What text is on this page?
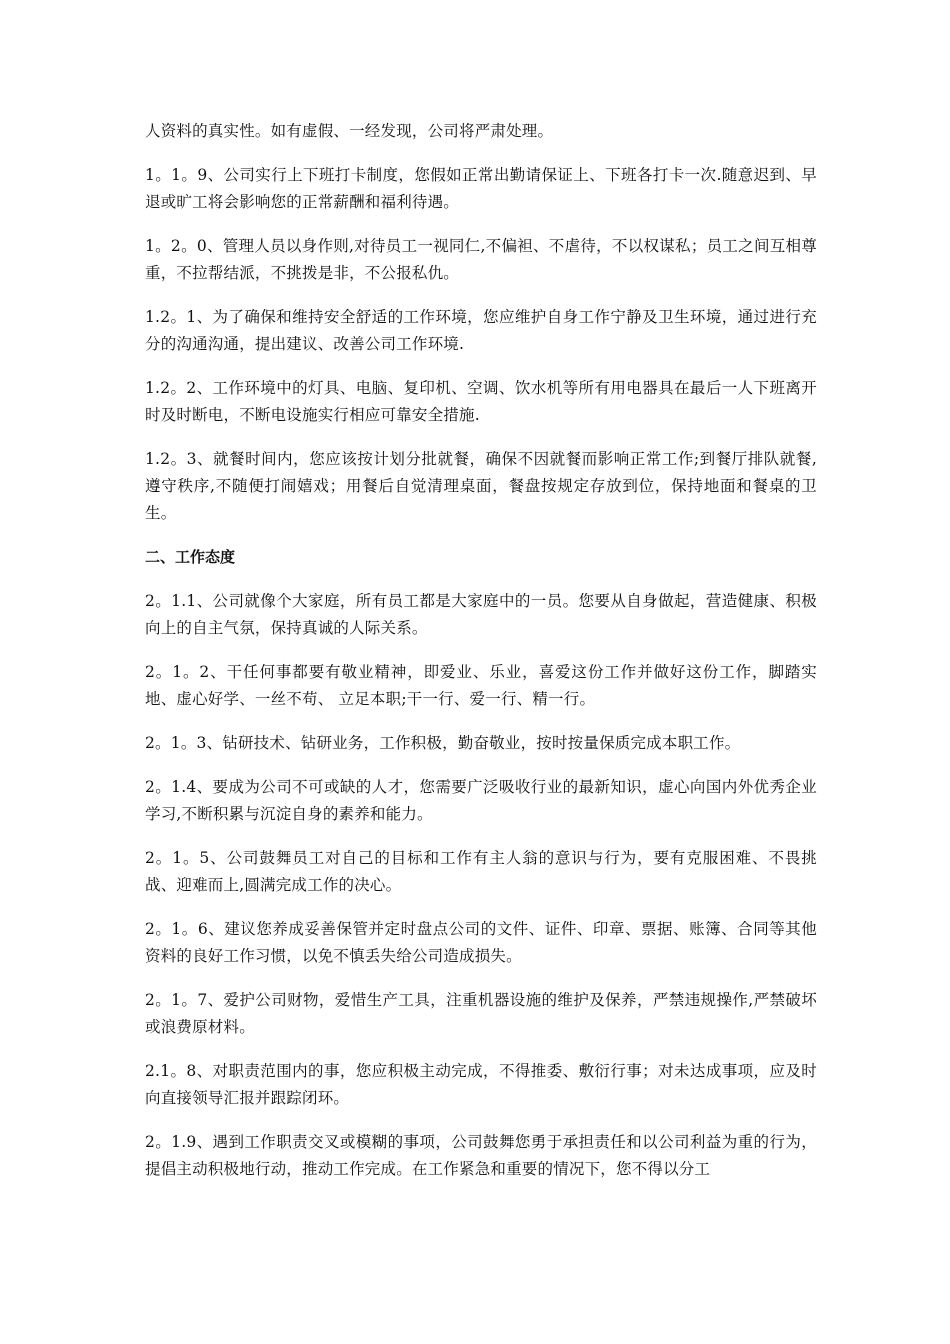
人资料的真实性。如有虚假、一经发现，公司将严肃处理。

1。1。9、公司实行上下班打卡制度，您假如正常出勤请保证上、下班各打卡一次.随意迟到、早退或旷工将会影响您的正常薪酬和福利待遇。

1。2。0、管理人员以身作则,对待员工一视同仁,不偏袒、不虐待，不以权谋私；员工之间互相尊重，不拉帮结派，不挑拨是非，不公报私仇。

1.2。1、为了确保和维持安全舒适的工作环境，您应维护自身工作宁静及卫生环境，通过进行充分的沟通沟通，提出建议、改善公司工作环境.

1.2。2、工作环境中的灯具、电脑、复印机、空调、饮水机等所有用电器具在最后一人下班离开时及时断电，不断电设施实行相应可靠安全措施.

1.2。3、就餐时间内，您应该按计划分批就餐，确保不因就餐而影响正常工作;到餐厅排队就餐,遵守秩序,不随便打闹嬉戏；用餐后自觉清理桌面，餐盘按规定存放到位，保持地面和餐桌的卫生。

二、工作态度

2。1.1、公司就像个大家庭，所有员工都是大家庭中的一员。您要从自身做起，营造健康、积极向上的自主气氛，保持真诚的人际关系。

2。1。2、干任何事都要有敬业精神，即爱业、乐业，喜爱这份工作并做好这份工作，脚踏实地、虚心好学、一丝不苟、 立足本职;干一行、爱一行、精一行。

2。1。3、钻研技术、钻研业务，工作积极，勤奋敬业，按时按量保质完成本职工作。

2。1.4、要成为公司不可或缺的人才，您需要广泛吸收行业的最新知识，虚心向国内外优秀企业学习,不断积累与沉淀自身的素养和能力。

2。1。5、公司鼓舞员工对自己的目标和工作有主人翁的意识与行为，要有克服困难、不畏挑战、迎难而上,圆满完成工作的决心。

2。1。6、建议您养成妥善保管并定时盘点公司的文件、证件、印章、票据、账簿、合同等其他资料的良好工作习惯，以免不慎丢失给公司造成损失。

2。1。7、爱护公司财物，爱惜生产工具，注重机器设施的维护及保养，严禁违规操作,严禁破坏或浪费原材料。

2.1。8、对职责范围内的事，您应积极主动完成，不得推委、敷衍行事；对未达成事项，应及时向直接领导汇报并跟踪闭环。

2。1.9、遇到工作职责交叉或模糊的事项，公司鼓舞您勇于承担责任和以公司利益为重的行为，提倡主动积极地行动，推动工作完成。在工作紧急和重要的情况下，您不得以分工
